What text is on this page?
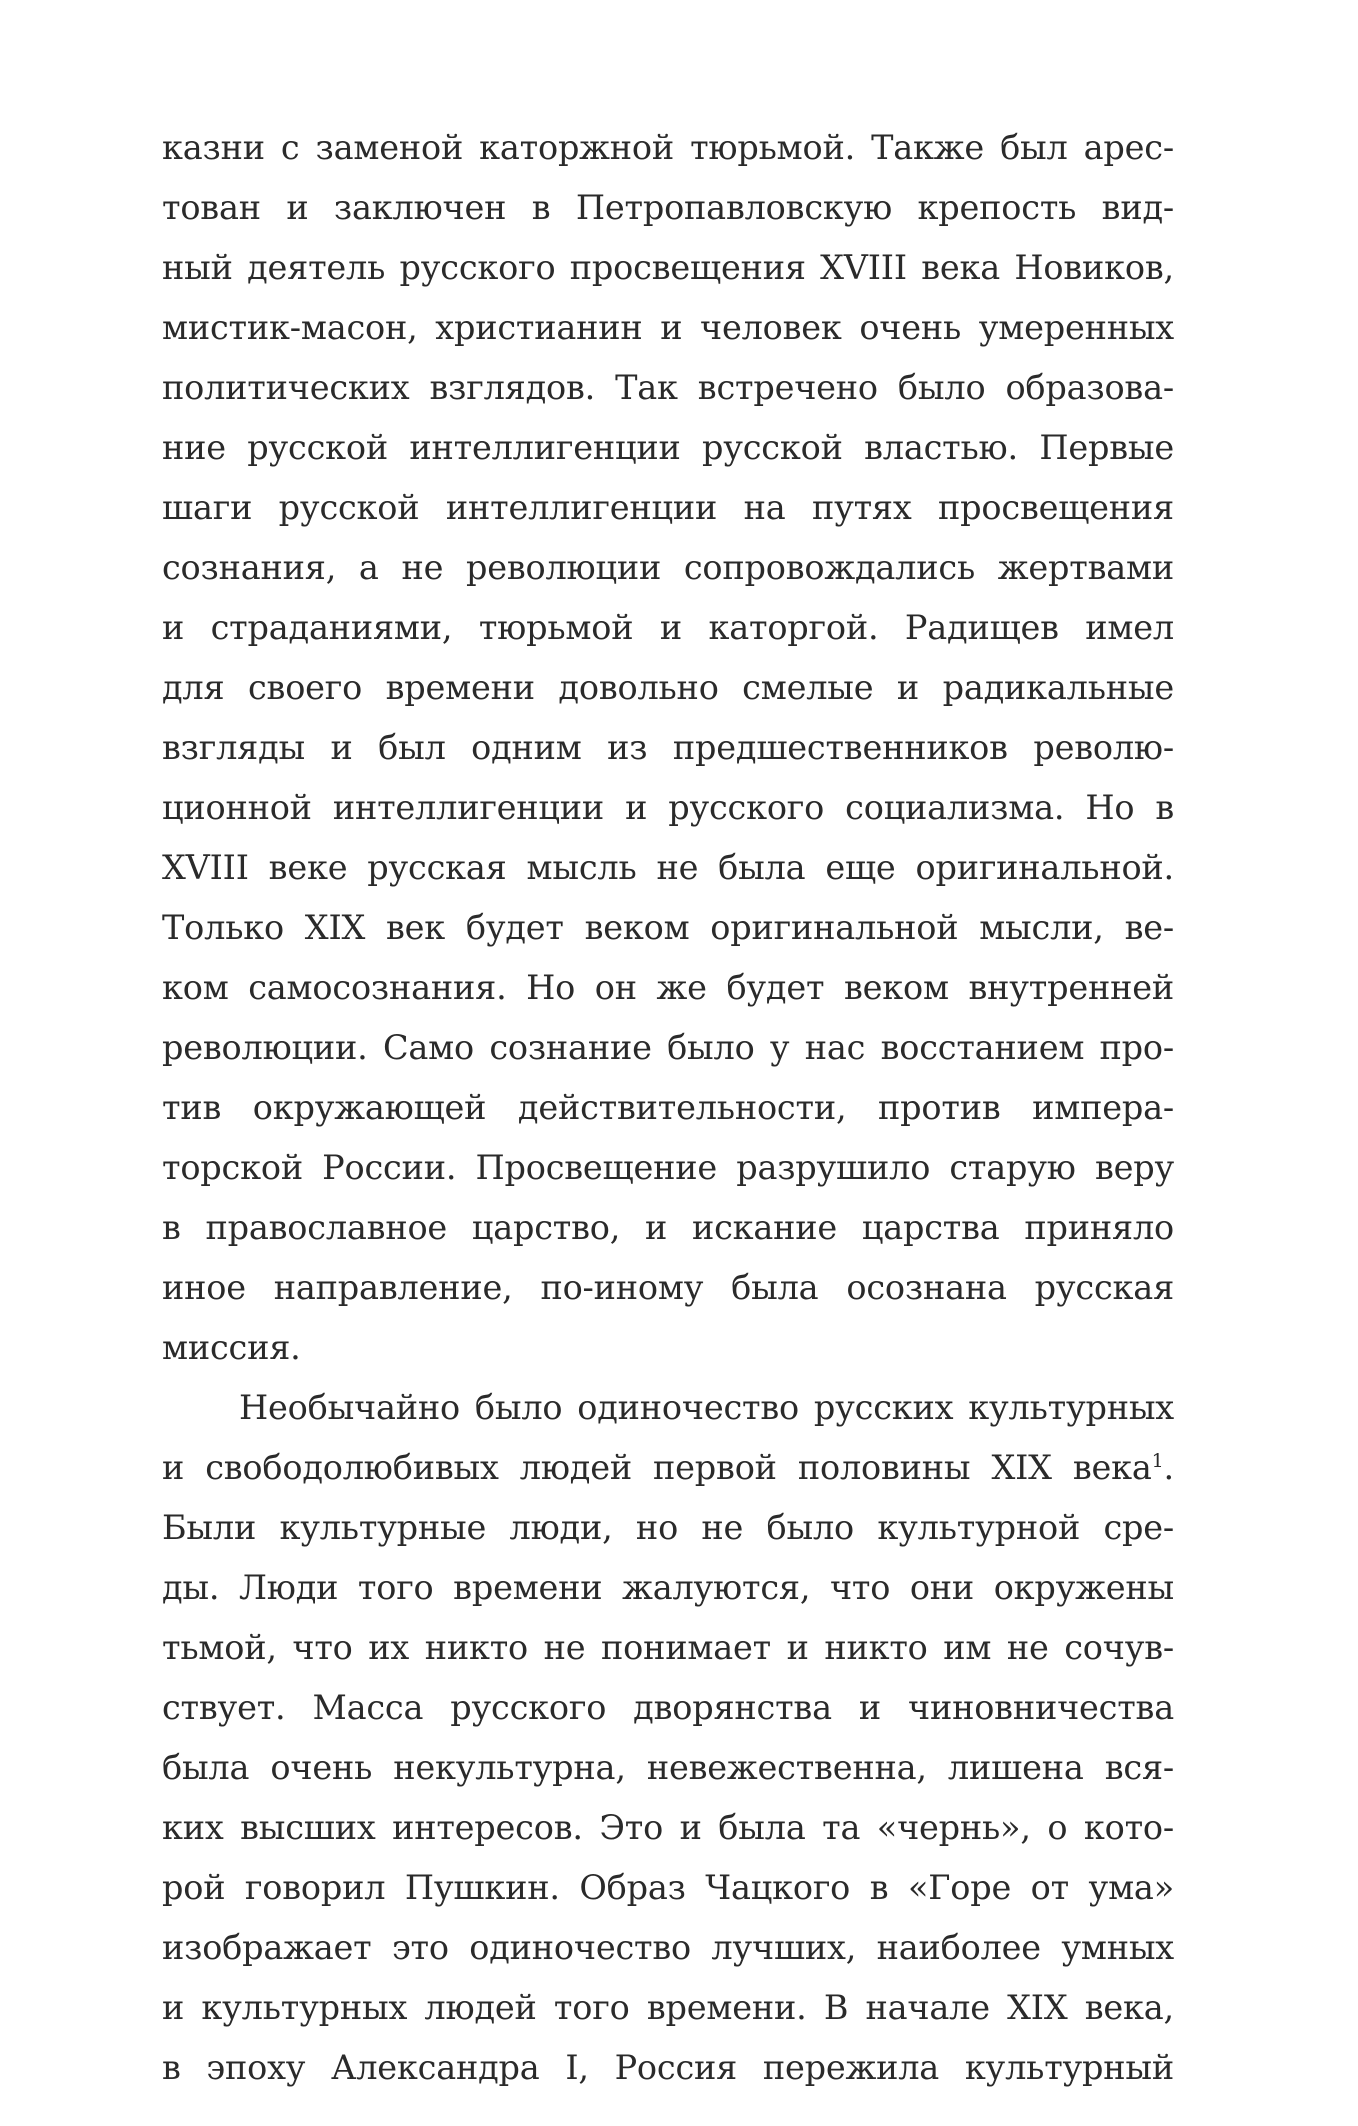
казни с заменой каторжной тюрьмой. Также был арес-
тован и заключен в Петропавловскую крепость вид-
ный деятель русского просвещения XVIII века Новиков,
мистик-масон, христианин и человек очень умеренных
политических взглядов. Так встречено было образова-
ние русской интеллигенции русской властью. Первые
шаги русской интеллигенции на путях просвещения
сознания, а не революции сопровождались жертвами
и страданиями, тюрьмой и каторгой. Радищев имел
для своего времени довольно смелые и радикальные
взгляды и был одним из предшественников револю-
ционной интеллигенции и русского социализма. Но в
XVIII веке русская мысль не была еще оригинальной.
Только XIX век будет веком оригинальной мысли, ве-
ком самосознания. Но он же будет веком внутренней
революции. Само сознание было у нас восстанием про-
тив окружающей действительности, против импера-
торской России. Просвещение разрушило старую веру
в православное царство, и искание царства приняло
иное направление, по-иному была осознана русская
миссия.
Необычайно было одиночество русских культурных
и свободолюбивых людей первой половины XIX века$^1$.
Были культурные люди, но не было культурной сре-
ды. Люди того времени жалуются, что они окружены
тьмой, что их никто не понимает и никто им не сочув-
ствует. Масса русского дворянства и чиновничества
была очень некультурна, невежественна, лишена вся-
ких высших интересов. Это и была та «чернь», о кото-
рой говорил Пушкин. Образ Чацкого в «Горе от ума»
изображает это одиночество лучших, наиболее умных
и культурных людей того времени. В начале XIX века,
в эпоху Александра I, Россия пережила культурный
